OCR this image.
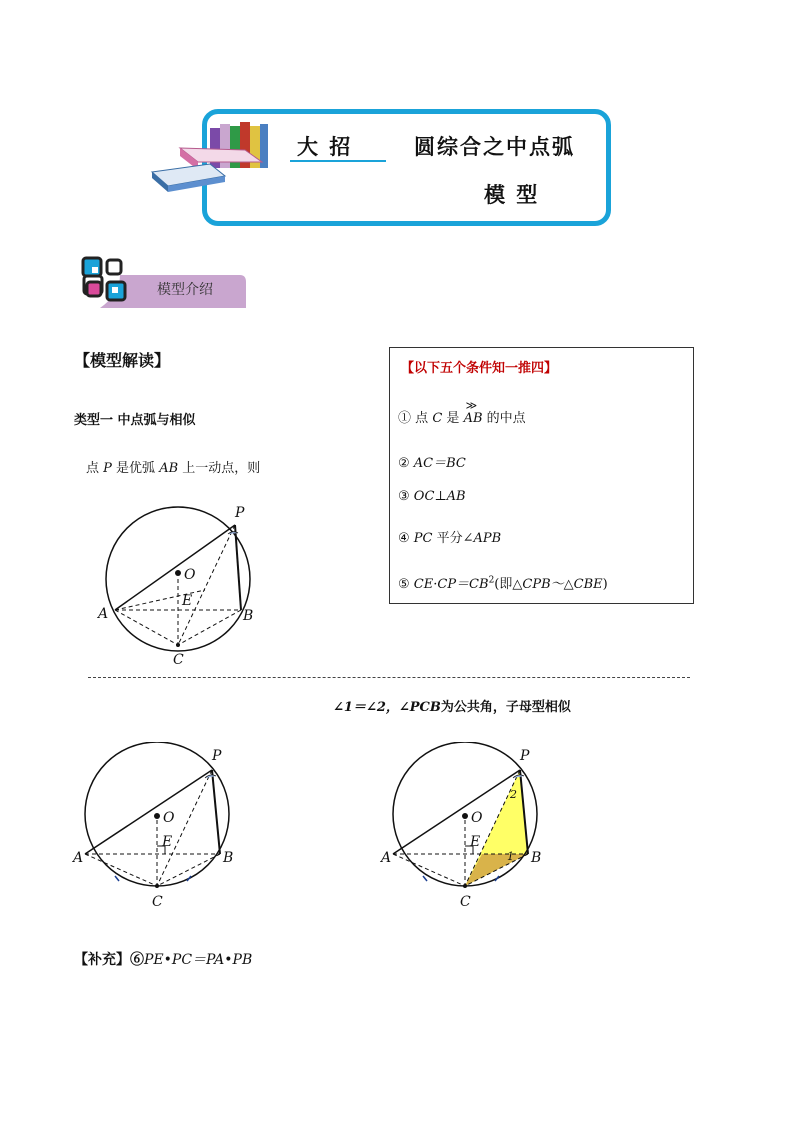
大 招	圆综合之中点弧
模 型
模型介绍
【模型解读】
类型一 中点弧与相似
点 P 是优弧 AB 上一动点，则
【以下五个条件知一推四】
① 点 C 是
≫
AB 的中点
② AC＝BC
③ OC⊥AB
④ PC 平分∠APB
⑤ $CE\cdot CP=CB^2$(即△CPB～△CBE)
P
O
E
A	B
C
∠1＝∠2，∠PCB为公共角，子母型相似
P
O
E
A	B
C
P
O
E
A	B
C
2
1
【补充】⑥PE•PC＝PA•PB
